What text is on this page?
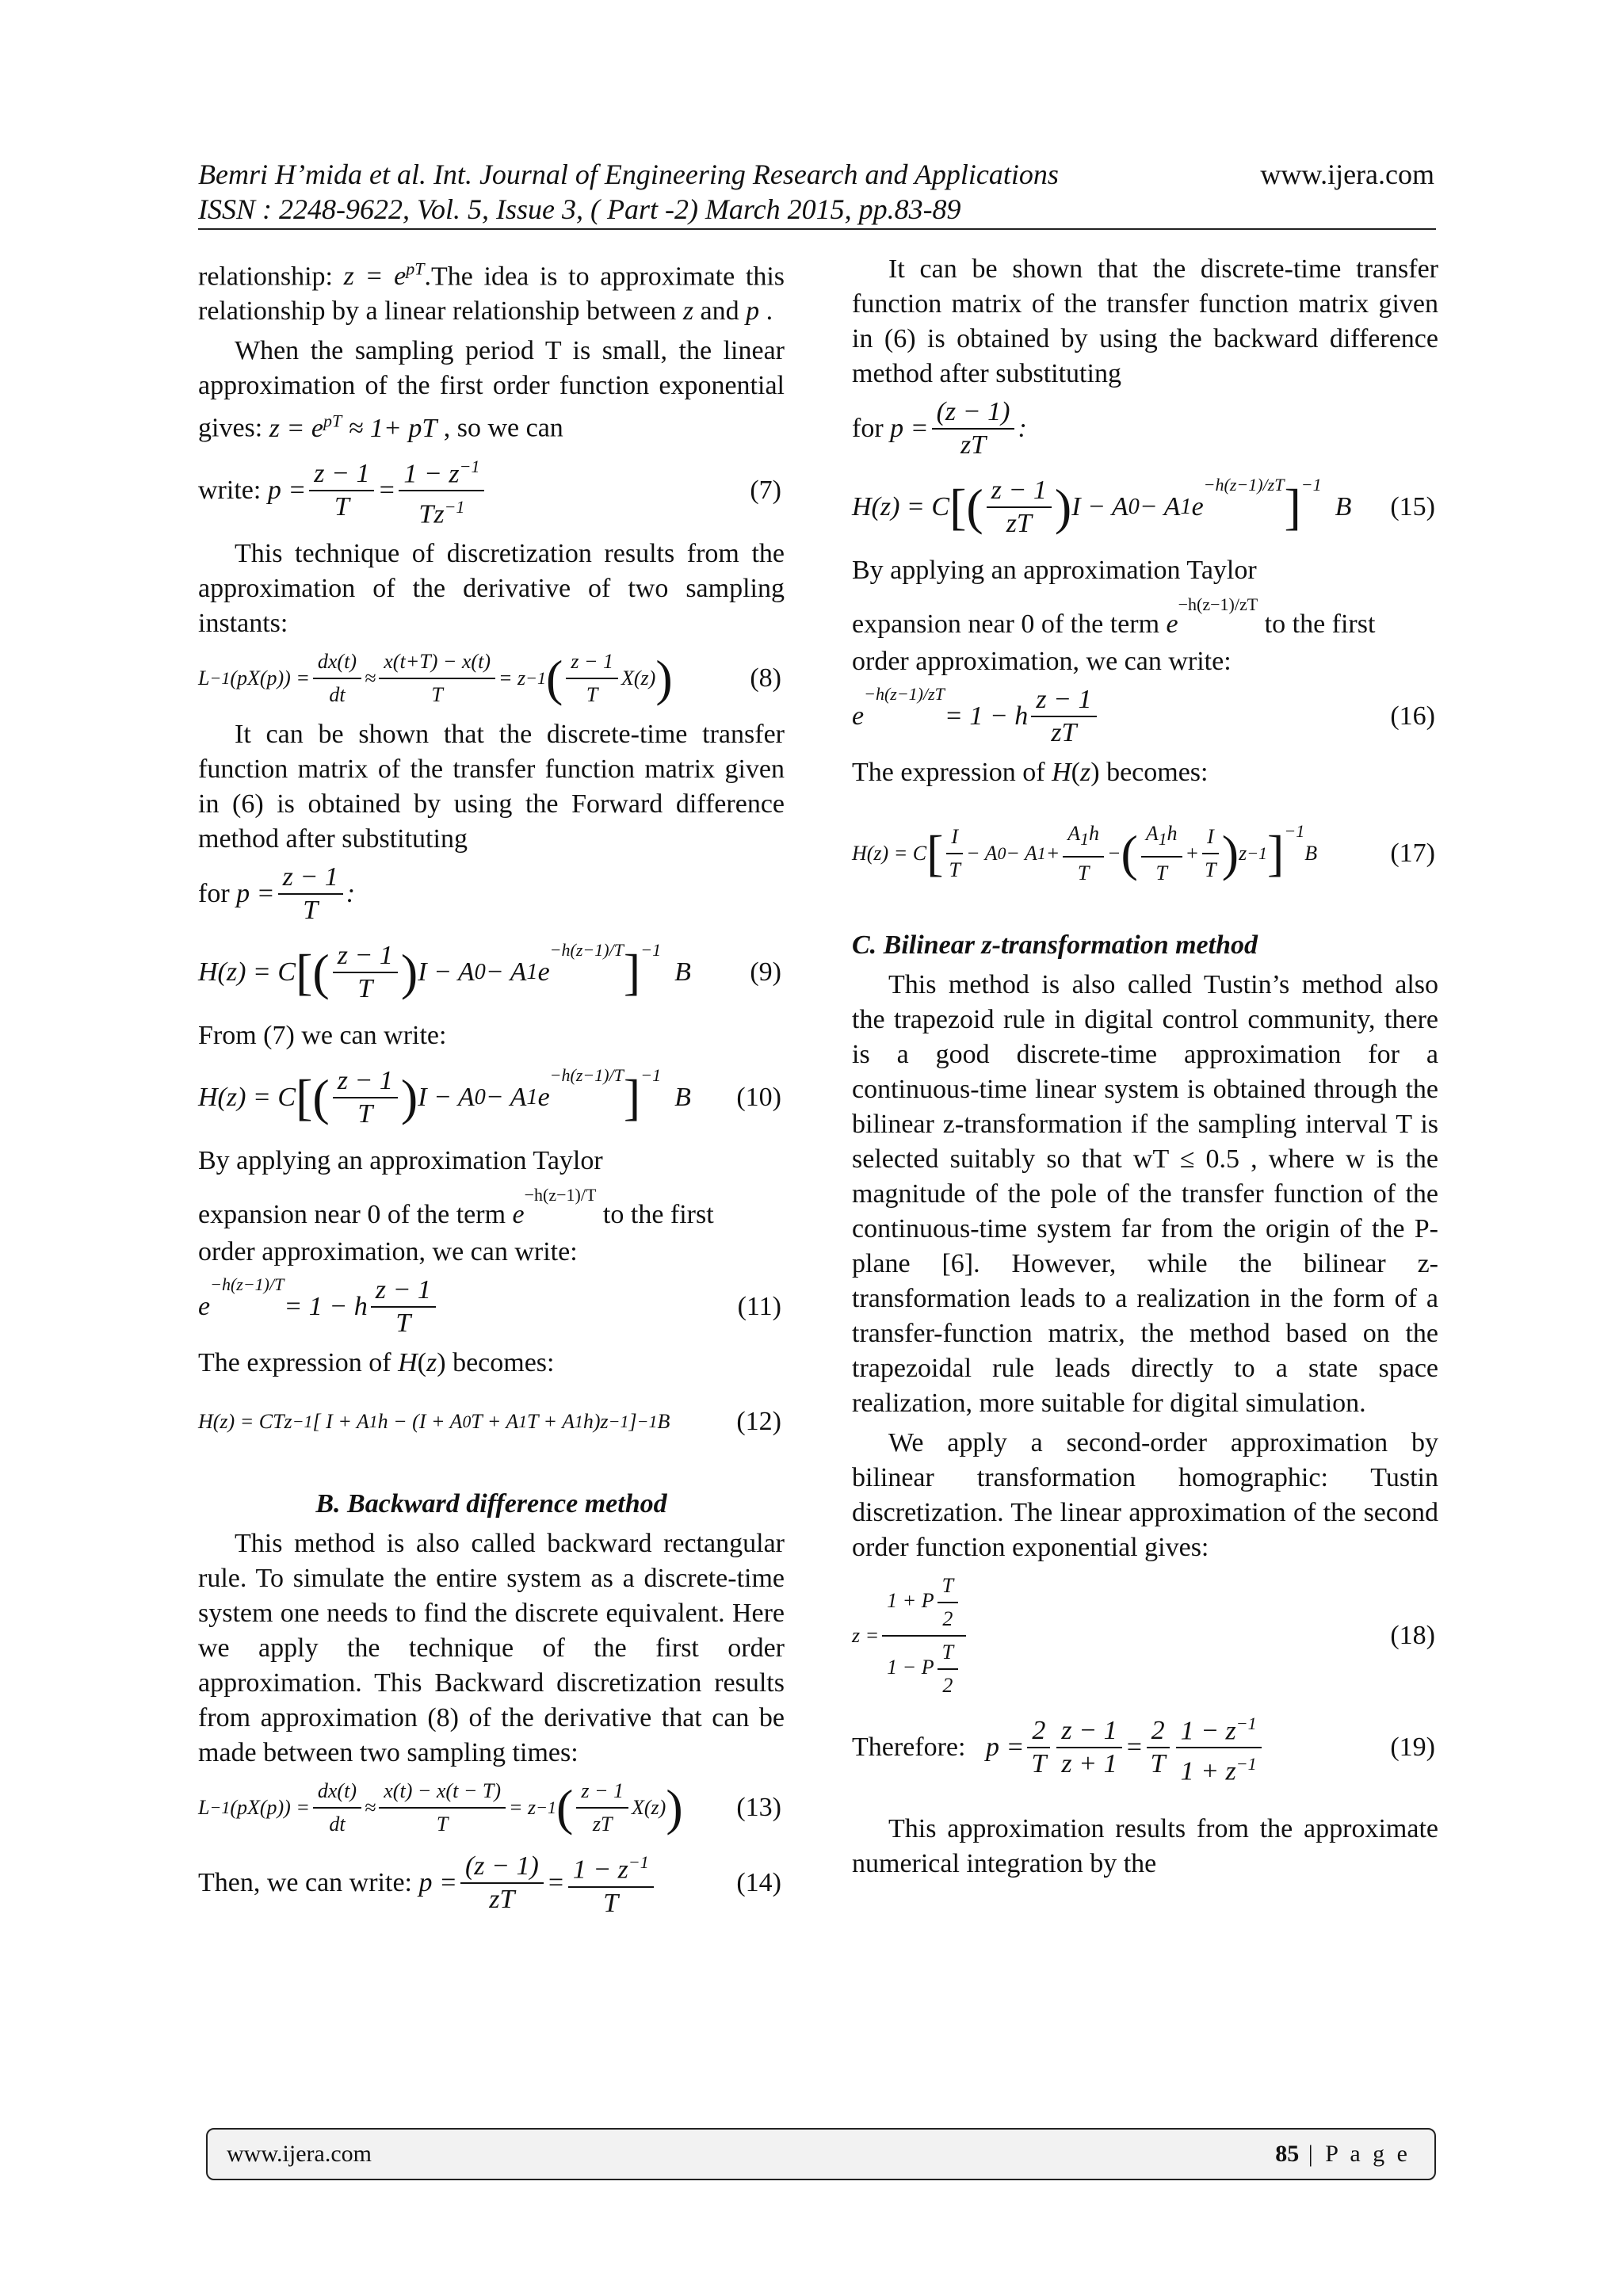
Bemri H’mida et al. Int. Journal of Engineering Research and Applications	www.ijera.com
ISSN : 2248-9622, Vol. 5, Issue 3, ( Part -2) March 2015, pp.83-89

relationship: $z = e^{pT}.The$ idea is to approximate this relationship by a linear relationship between z and p .

When the sampling period T is small, the linear approximation of the first order function exponential gives: $z = e^{pT} \approx 1+$ pT , so we can

write:
$p = \frac{z - 1}{T} = \frac{1 - z^{-1}}{Tz^{-1}}$	(7)

This technique of discretization results from the approximation of the derivative of two sampling instants:

L −1 $(pX(p)) = \frac{dx(t)}{dt} \approx \frac{x(t+T) - x(t)}{T} = z -1$ ( $\frac{z - 1}{T} X(z)$ )	(8)

It can be shown that the discrete-time transfer function matrix of the transfer function matrix given in (6) is obtained by using the Forward difference method after substituting

for
$p = \frac{z - 1}{T}$ :
H(z) = C [ ( $\frac{z - 1}{T}$ ) I − A 0 − A 1 e
−h(z−1)/T ] −1
B (9)

From (7) we can write:

H(z) = C [ ( $\frac{z - 1}{T}$ ) I − A 0 − A 1 e
−h(z−1)/T ] −1
B (10)

By applying an approximation Taylor

expansion near 0 of the term e−h(z−1)/T to the first
order approximation, we can write:

e
−h(z−1)/T
= 1 − h $\frac{z - 1}{T}$	(11)

The expression of H(z) becomes:

H(z) = CTz −1 [ I + A 1 h − (I + A 0 T + A 1 T + A 1 h)z −1 ] −1 B (12)

B. Backward difference method

This method is also called backward rectangular rule. To simulate the entire system as a discrete-time system one needs to find the discrete equivalent. Here we apply the technique of the first order approximation. This Backward discretization results from approximation (8) of the derivative that can be made between two sampling times:

L −1 $(pX(p)) = \frac{dx(t)}{dt} \approx \frac{x(t) - x(t - T)}{T} = z -1$ ( $\frac{z - 1}{zT} X(z)$ ) (13)
Then, we can write:
$p = \frac{(z - 1)}{zT} = \frac{1 - z^{-1}}{T}$	(14)

It can be shown that the discrete-time transfer function matrix of the transfer function matrix given in (6) is obtained by using the backward difference method after substituting

for
$p = \frac{(z - 1)}{zT}$ :
H(z) = C [ ( $\frac{z - 1}{zT}$ ) I − A 0 − A 1 e
−h(z−1)/zT ] −1
B (15)

By applying an approximation Taylor

expansion near 0 of the term e−h(z−1)/zT to the first
order approximation, we can write:

e
−h(z−1)/zT
= 1 − h $\frac{z - 1}{zT}$	(16)

The expression of H(z) becomes:

H(z) = C [ $\frac{I}{T} - A$ 0 − A $1 + \frac{A_1h}{T}$ − ( $\frac{A_1h}{T} + \frac{I}{T}$ ) z −1 ] −1
B	(17)

C. Bilinear z-transformation method

This method is also called Tustin’s method also the trapezoid rule in digital control community, there is a good discrete-time approximation for a continuous-time linear system is obtained through the bilinear z-transformation if the sampling interval T is selected suitably so that wT ≤ 0.5 , where w is the magnitude of the pole of the transfer function of the continuous-time system far from the origin of the P-plane [6]. However, while the bilinear z-transformation leads to a realization in the form of a transfer-function matrix, the method based on the trapezoidal rule leads directly to a state space realization, more suitable for digital simulation.

We apply a second-order approximation by bilinear transformation homographic: Tustin discretization. The linear approximation of the second order function exponential gives:

$z = \frac{1 + P \frac{T}{2}}{1 - P \frac{T}{2}}$	(18)
Therefore:
$p = \frac{2}{T} \frac{z - 1}{z + 1} = \frac{2}{T} \frac{1 - z^{-1}}{1 + z^{-1}}$	(19)

This approximation results from the approximate numerical integration by the

www.ijera.com	85 | P a g e
